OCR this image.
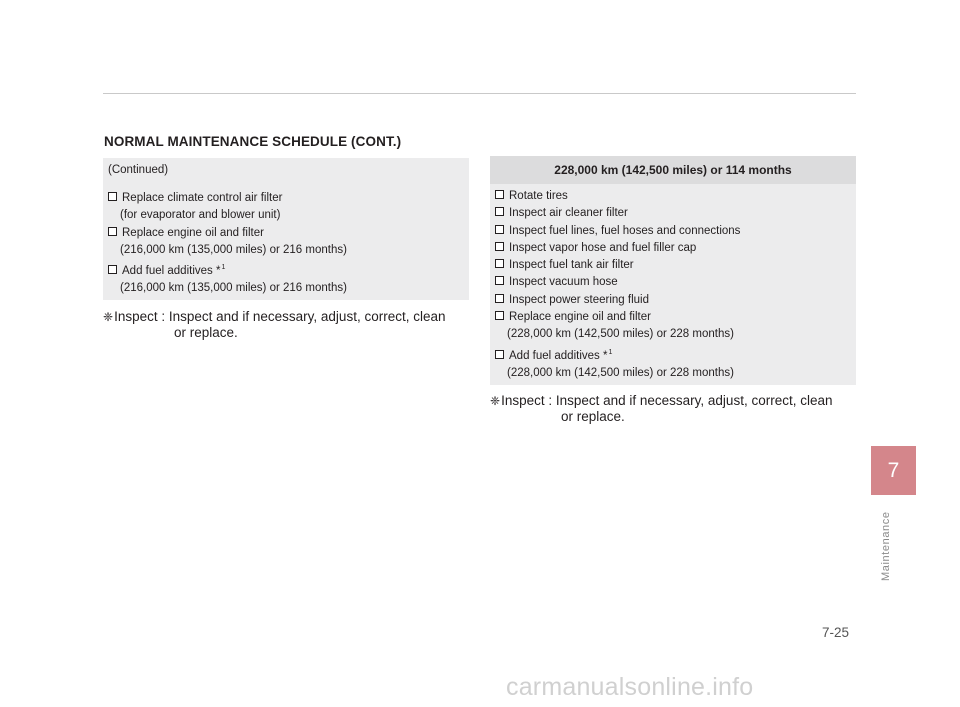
NORMAL MAINTENANCE SCHEDULE (CONT.)
(Continued)
Replace climate control air filter
(for evaporator and blower unit)
Replace engine oil and filter
(216,000 km (135,000 miles) or 216 months)
Add fuel additives *$^1$
(216,000 km (135,000 miles) or 216 months)
❈Inspect : Inspect and if necessary, adjust, correct, clean
or replace.
228,000 km (142,500 miles) or 114 months
Rotate tires
Inspect air cleaner filter
Inspect fuel lines, fuel hoses and connections
Inspect vapor hose and fuel filler cap
Inspect fuel tank air filter
Inspect vacuum hose
Inspect power steering fluid
Replace engine oil and filter
(228,000 km (142,500 miles) or 228 months)
Add fuel additives *$^1$
(228,000 km (142,500 miles) or 228 months)
❈Inspect : Inspect and if necessary, adjust, correct, clean
or replace.
7
Maintenance
7-25
carmanualsonline.info
